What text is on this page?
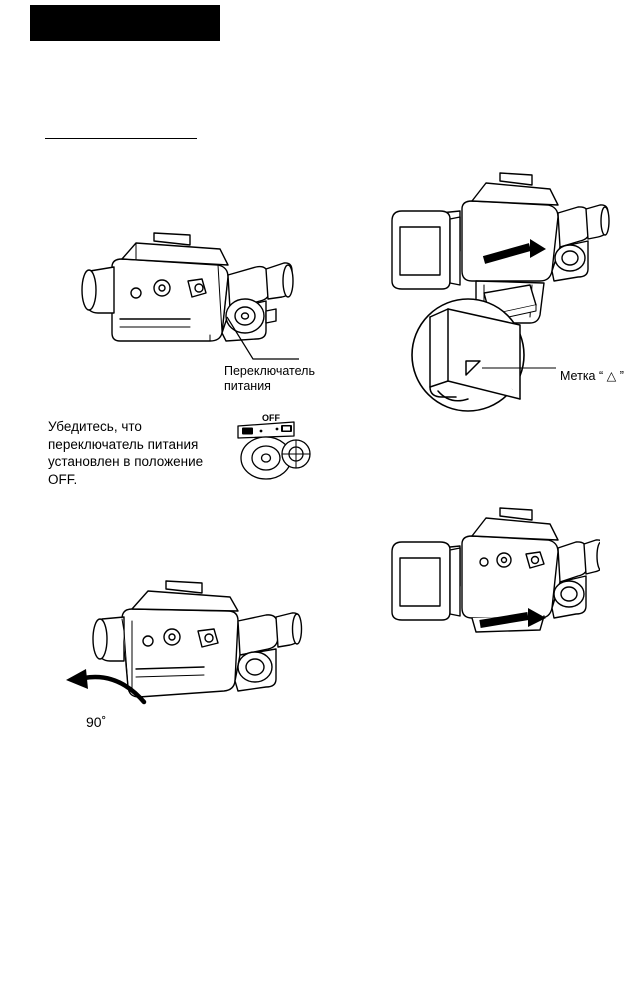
Переключатель
питания
Убедитесь, что
переключатель питания
установлен в положение
OFF.
OFF
90˚
Метка “ △ ”
